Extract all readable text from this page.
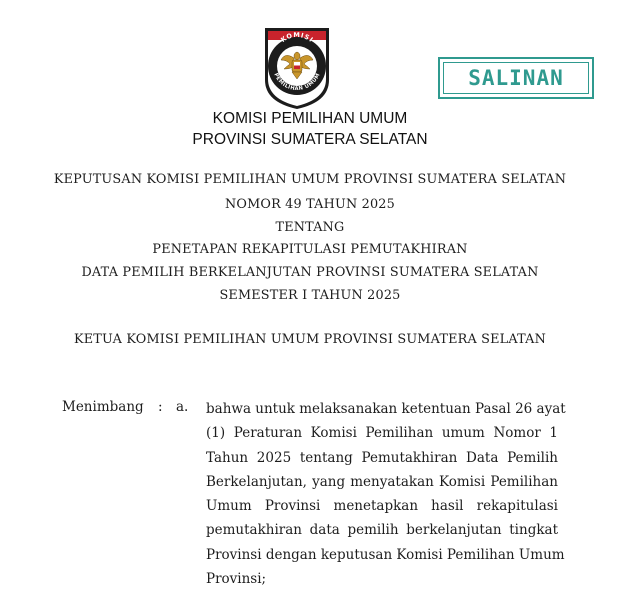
KOMISI
PEMILIHAN UMUM	SALINAN
KOMISI PEMILIHAN UMUM
PROVINSI SUMATERA SELATAN
KEPUTUSAN KOMISI PEMILIHAN UMUM PROVINSI SUMATERA SELATAN
NOMOR 49 TAHUN 2025
TENTANG
PENETAPAN REKAPITULASI PEMUTAKHIRAN
DATA PEMILIH BERKELANJUTAN PROVINSI SUMATERA SELATAN
SEMESTER I TAHUN 2025
KETUA KOMISI PEMILIHAN UMUM PROVINSI SUMATERA SELATAN
Menimbang : a. bahwa untuk melaksanakan ketentuan Pasal 26 ayat
(1) Peraturan Komisi Pemilihan umum Nomor 1
Tahun 2025 tentang Pemutakhiran Data Pemilih
Berkelanjutan, yang menyatakan Komisi Pemilihan
Umum Provinsi menetapkan hasil rekapitulasi
pemutakhiran data pemilih berkelanjutan tingkat
Provinsi dengan keputusan Komisi Pemilihan Umum
Provinsi;
